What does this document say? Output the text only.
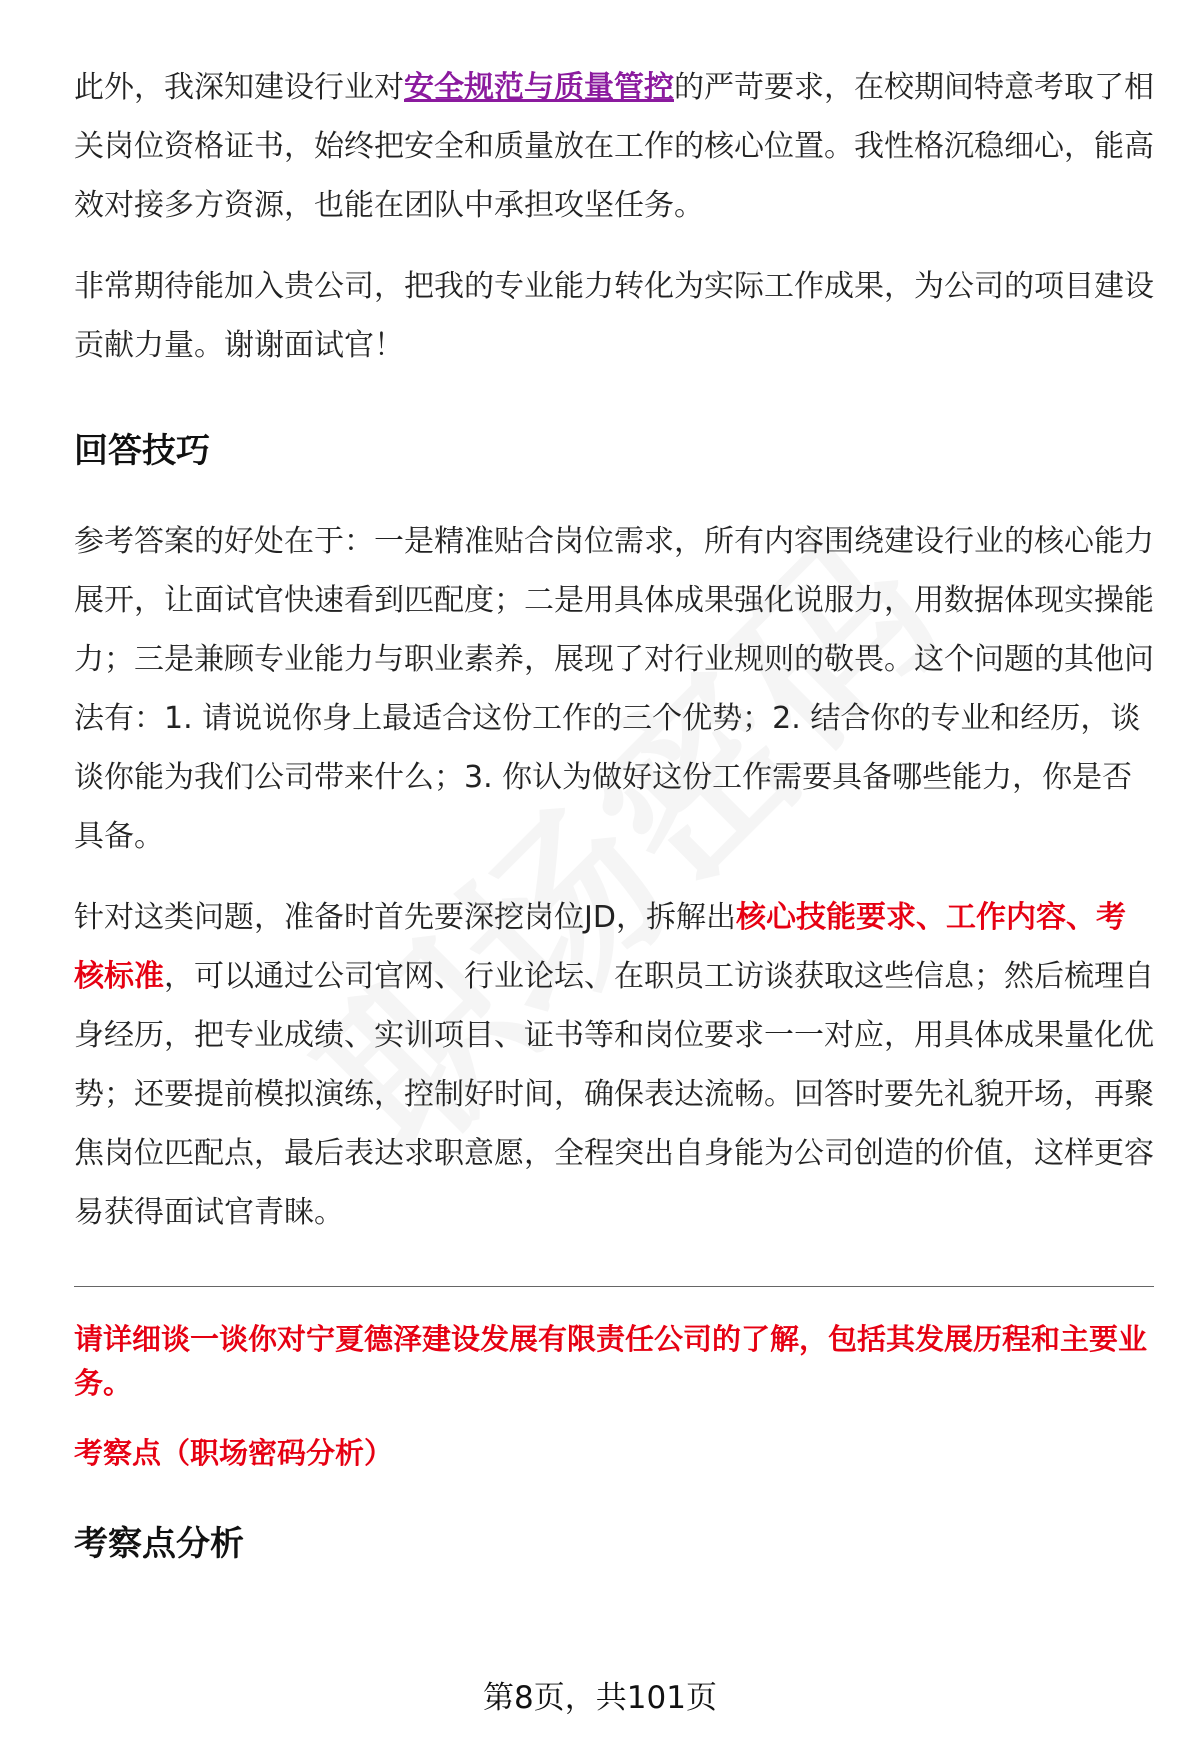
此外，我深知建设行业对安全规范与质量管控的严苛要求，在校期间特意考取了相关岗位资格证书，始终把安全和质量放在工作的核心位置。我性格沉稳细心，能高效对接多方资源，也能在团队中承担攻坚任务。

非常期待能加入贵公司，把我的专业能力转化为实际工作成果，为公司的项目建设贡献力量。谢谢面试官！

回答技巧

参考答案的好处在于：一是精准贴合岗位需求，所有内容围绕建设行业的核心能力展开，让面试官快速看到匹配度；二是用具体成果强化说服力，用数据体现实操能力；三是兼顾专业能力与职业素养，展现了对行业规则的敬畏。这个问题的其他问法有：1. 请说说你身上最适合这份工作的三个优势；2. 结合你的专业和经历，谈谈你能为我们公司带来什么；3. 你认为做好这份工作需要具备哪些能力，你是否具备。

针对这类问题，准备时首先要深挖岗位JD，拆解出核心技能要求、工作内容、考核标准，可以通过公司官网、行业论坛、在职员工访谈获取这些信息；然后梳理自身经历，把专业成绩、实训项目、证书等和岗位要求一一对应，用具体成果量化优势；还要提前模拟演练，控制好时间，确保表达流畅。回答时要先礼貌开场，再聚焦岗位匹配点，最后表达求职意愿，全程突出自身能为公司创造的价值，这样更容易获得面试官青睐。

请详细谈一谈你对宁夏德泽建设发展有限责任公司的了解，包括其发展历程和主要业务。

考察点（职场密码分析）

考察点分析
第8页，共101页
